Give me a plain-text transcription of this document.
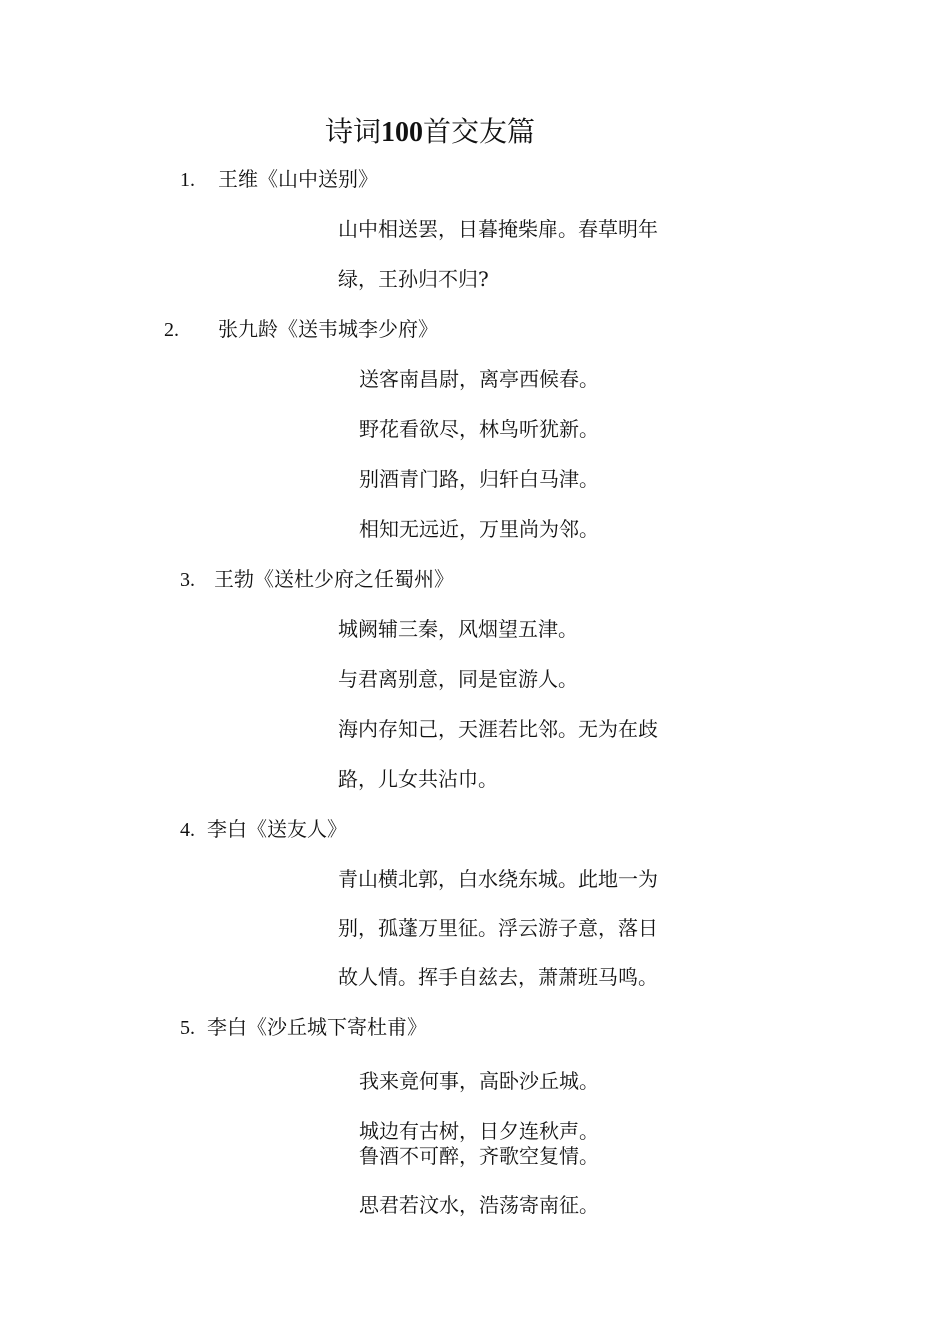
诗词100首交友篇
1. 王维《山中送别》
山中相送罢，日暮掩柴扉。春草明年
绿，王孙归不归?
2. 张九龄《送韦城李少府》
送客南昌尉，离亭西候春。
野花看欲尽，林鸟听犹新。
别酒青门路，归轩白马津。
相知无远近，万里尚为邻。
3. 王勃《送杜少府之任蜀州》
城阙辅三秦，风烟望五津。
与君离别意，同是宦游人。
海内存知己，天涯若比邻。无为在歧
路，儿女共沾巾。
4. 李白《送友人》
青山横北郭，白水绕东城。此地一为
别，孤蓬万里征。浮云游子意，落日
故人情。挥手自兹去，萧萧班马鸣。
5. 李白《沙丘城下寄杜甫》
我来竟何事，高卧沙丘城。
城边有古树，日夕连秋声。
鲁酒不可醉，齐歌空复情。
思君若汶水，浩荡寄南征。
